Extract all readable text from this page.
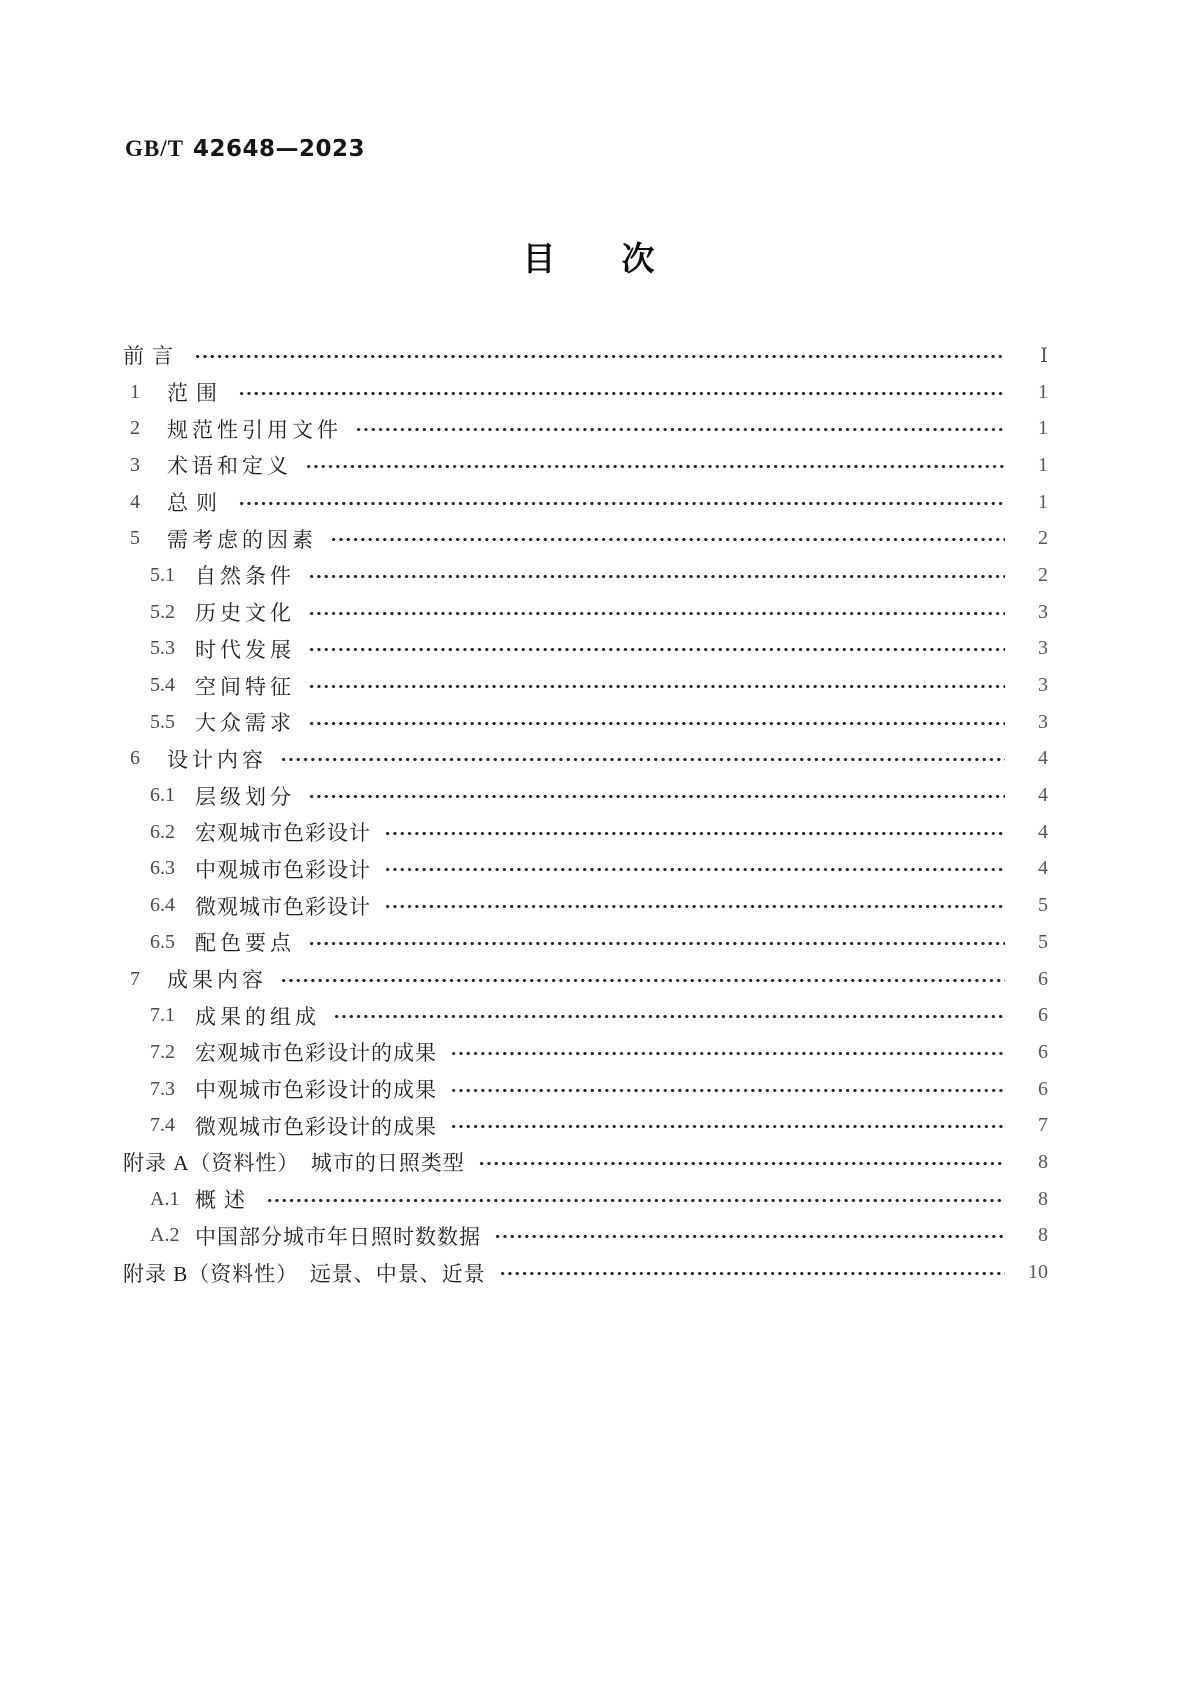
GB/T 42648—2023
目 次
前言	Ⅰ
1	范围	1
2	规范性引用文件	1
3	术语和定义	1
4	总则	1
5	需考虑的因素	2
5.1 自然条件	2
5.2 历史文化	3
5.3 时代发展	3
5.4 空间特征	3
5.5 大众需求	3
6	设计内容	4
6.1 层级划分	4
6.2 宏观城市色彩设计	4
6.3 中观城市色彩设计	4
6.4 微观城市色彩设计	5
6.5 配色要点	5
7	成果内容	6
7.1 成果的组成	6
7.2 宏观城市色彩设计的成果	6
7.3 中观城市色彩设计的成果	6
7.4 微观城市色彩设计的成果	7
附录 A（资料性）　城市的日照类型	8
A.1 概述	8
A.2 中国部分城市年日照时数数据	8
附录 B（资料性）　远景、中景、近景	10
